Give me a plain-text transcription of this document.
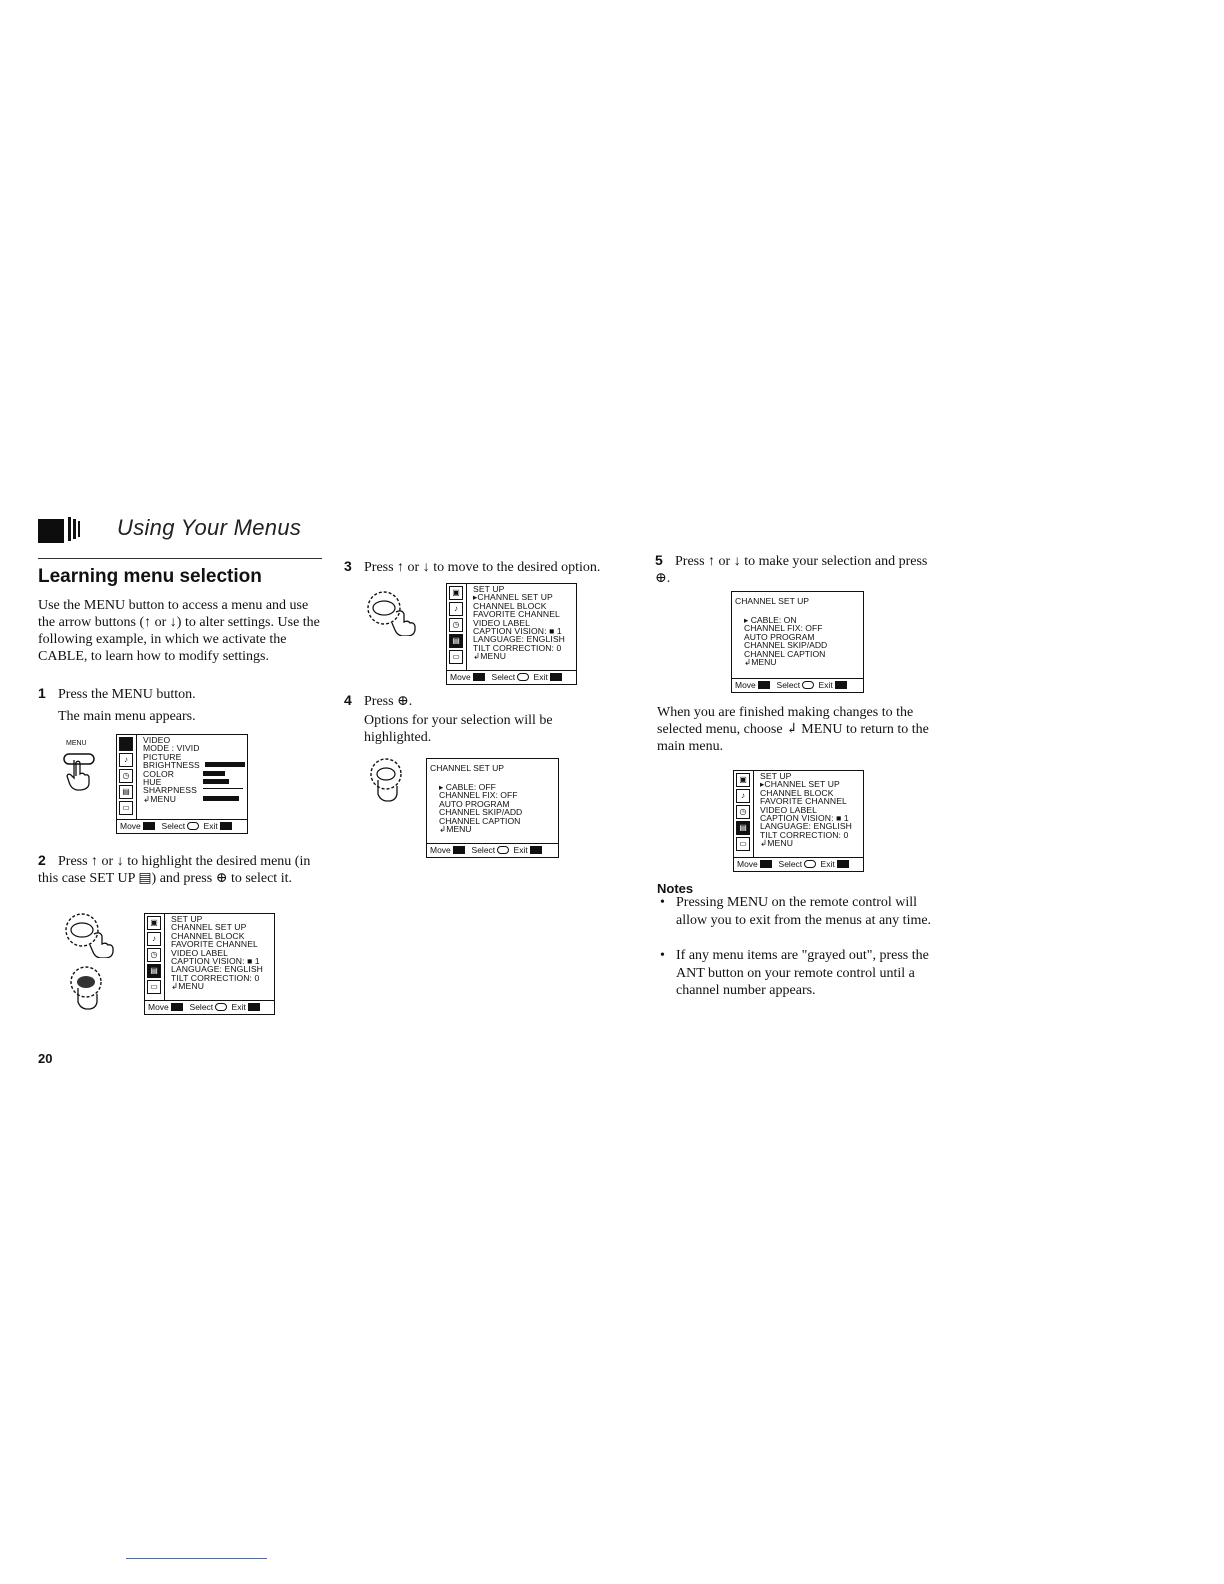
Using Your Menus
Learning menu selection
Use the MENU button to access a menu and use the arrow buttons (↑ or ↓) to alter settings. Use the following example, in which we activate the CABLE, to learn how to modify settings.
1 Press the MENU button.
The main menu appears.
MENU
♪
◷
▤
▭
VIDEO
MODE : VIVID
PICTURE
BRIGHTNESS
COLOR
HUE
SHARPNESS
↲MENU
Move Select Exit
2 Press ↑ or ↓ to highlight the desired menu (in this case SET UP ▤) and press ⊕ to select it.
▣
♪
◷
▤
▭
SET UP
CHANNEL SET UP
CHANNEL BLOCK
FAVORITE CHANNEL
VIDEO LABEL
CAPTION VISION: ■ 1
LANGUAGE: ENGLISH
TILT CORRECTION: 0
↲MENU
Move Select Exit
3 Press ↑ or ↓ to move to the desired option.
▣
♪
◷
▤
▭
SET UP
▸CHANNEL SET UP
CHANNEL BLOCK
FAVORITE CHANNEL
VIDEO LABEL
CAPTION VISION: ■ 1
LANGUAGE: ENGLISH
TILT CORRECTION: 0
↲MENU
Move Select Exit
4 Press ⊕.
Options for your selection will be highlighted.
CHANNEL SET UP
▸ CABLE: OFF
CHANNEL FIX: OFF
AUTO PROGRAM
CHANNEL SKIP/ADD
CHANNEL CAPTION
↲MENU
Move Select Exit
5 Press ↑ or ↓ to make your selection and press ⊕.
CHANNEL SET UP
▸ CABLE: ON
CHANNEL FIX: OFF
AUTO PROGRAM
CHANNEL SKIP/ADD
CHANNEL CAPTION
↲MENU
Move Select Exit
When you are finished making changes to the selected menu, choose ↲ MENU to return to the main menu.
▣
♪
◷
▤
▭
SET UP
▸CHANNEL SET UP
CHANNEL BLOCK
FAVORITE CHANNEL
VIDEO LABEL
CAPTION VISION: ■ 1
LANGUAGE: ENGLISH
TILT CORRECTION: 0
↲MENU
Move Select Exit
Notes
• Pressing MENU on the remote control will allow you to exit from the menus at any time.
• If any menu items are "grayed out", press the ANT button on your remote control until a channel number appears.
20
